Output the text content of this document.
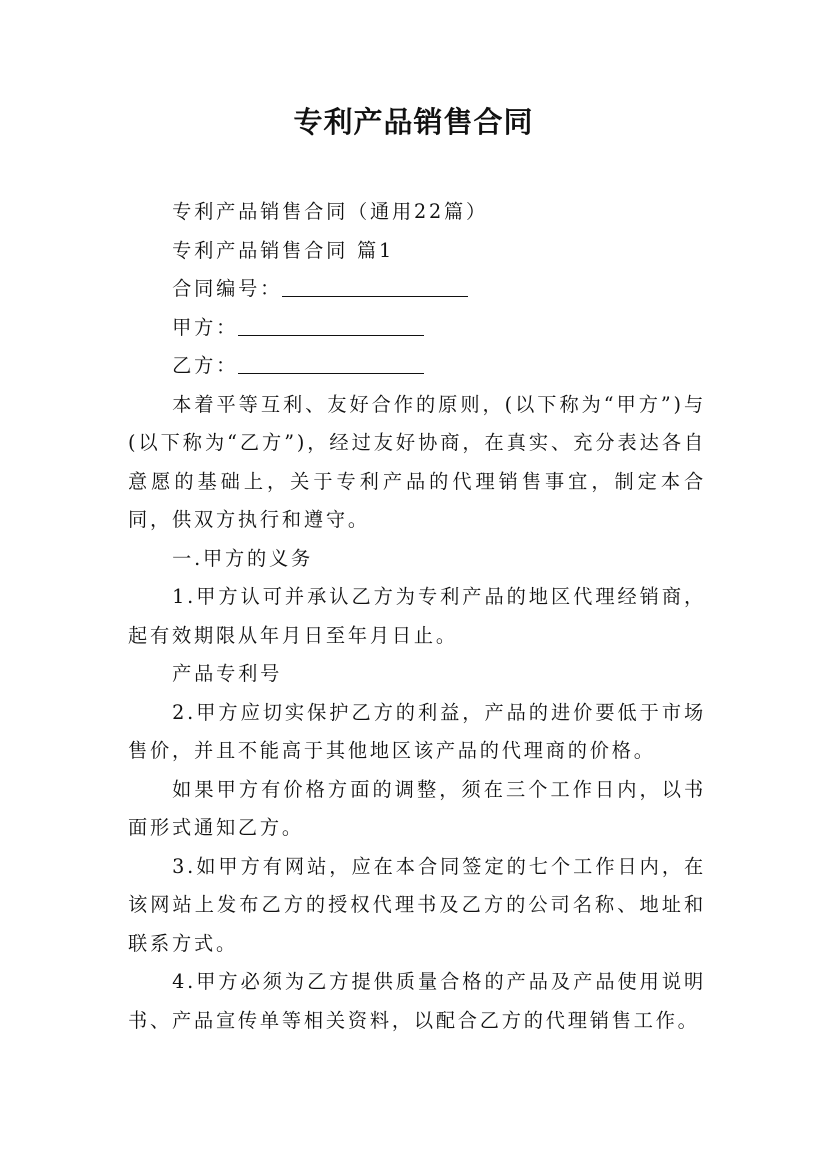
专利产品销售合同

专利产品销售合同（通用22篇）

专利产品销售合同 篇1

合同编号：

甲方：

乙方：

本着平等互利、友好合作的原则，(以下称为“甲方”)与(以下称为“乙方”)，经过友好协商，在真实、充分表达各自意愿的基础上，关于专利产品的代理销售事宜，制定本合同，供双方执行和遵守。

一.甲方的义务

1.甲方认可并承认乙方为专利产品的地区代理经销商，起有效期限从年月日至年月日止。

产品专利号

2.甲方应切实保护乙方的利益，产品的进价要低于市场售价，并且不能高于其他地区该产品的代理商的价格。

如果甲方有价格方面的调整，须在三个工作日内，以书面形式通知乙方。

3.如甲方有网站，应在本合同签定的七个工作日内，在该网站上发布乙方的授权代理书及乙方的公司名称、地址和联系方式。

4.甲方必须为乙方提供质量合格的产品及产品使用说明书、产品宣传单等相关资料，以配合乙方的代理销售工作。
